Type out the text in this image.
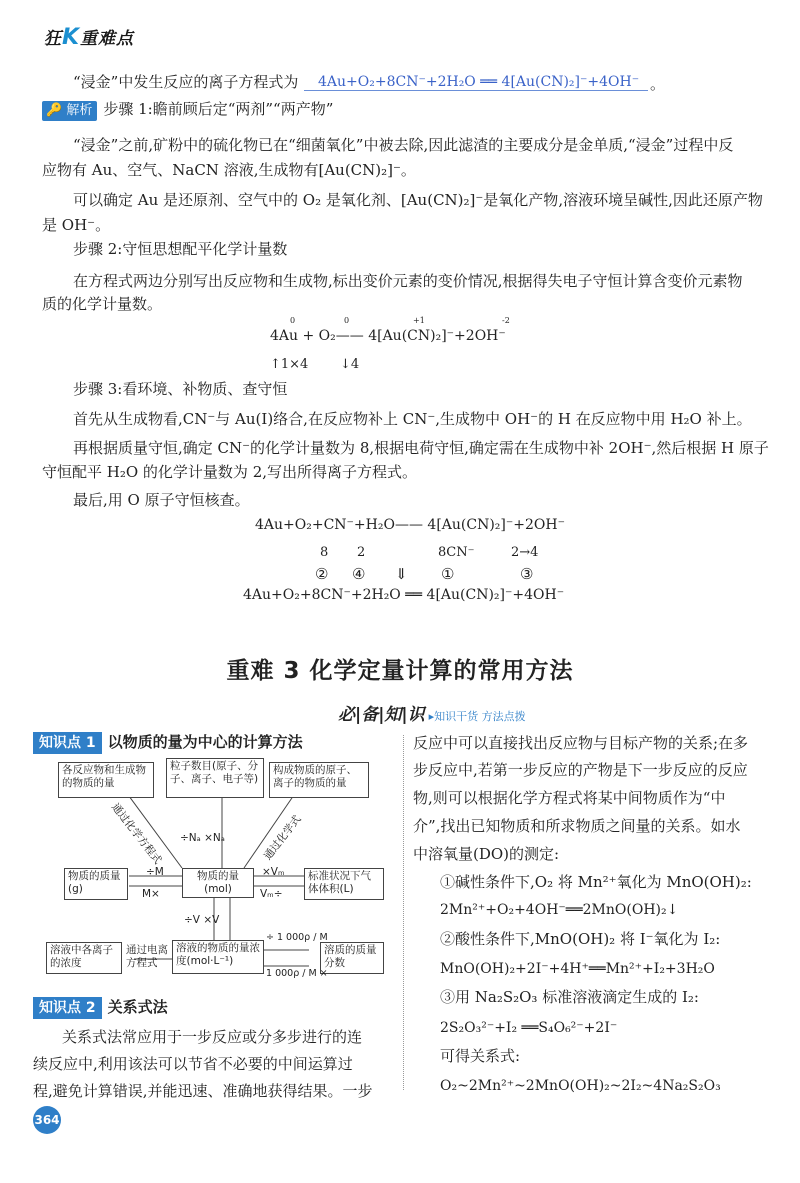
狂K重难点
“浸金”中发生反应的离子方程式为 4Au+O₂+8CN⁻+2H₂O ══ 4[Au(CN)₂]⁻+4OH⁻ 。
🔑 解析 步骤 1:瞻前顾后定“两剂”“两产物”
“浸金”之前,矿粉中的硫化物已在“细菌氧化”中被去除,因此滤渣的主要成分是金单质,“浸金”过程中反
应物有 Au、空气、NaCN 溶液,生成物有[Au(CN)₂]⁻。
可以确定 Au 是还原剂、空气中的 O₂ 是氧化剂、[Au(CN)₂]⁻是氧化产物,溶液环境呈碱性,因此还原产物
是 OH⁻。
步骤 2:守恒思想配平化学计量数
在方程式两边分别写出反应物和生成物,标出变价元素的变价情况,根据得失电子守恒计算含变价元素物
质的化学计量数。
0	0	+1	-2
4Au + O₂—— 4[Au(CN)₂]⁻+2OH⁻
↑1×4 ↓4
步骤 3:看环境、补物质、查守恒
首先从生成物看,CN⁻与 Au(Ⅰ)络合,在反应物补上 CN⁻,生成物中 OH⁻的 H 在反应物中用 H₂O 补上。
再根据质量守恒,确定 CN⁻的化学计量数为 8,根据电荷守恒,确定需在生成物中补 2OH⁻,然后根据 H 原子
守恒配平 H₂O 的化学计量数为 2,写出所得离子方程式。
最后,用 O 原子守恒核查。
4Au+O₂+CN⁻+H₂O—— 4[Au(CN)₂]⁻+2OH⁻
8 2	8CN⁻	2→4
② ④ ⇓ ①	③
4Au+O₂+8CN⁻+2H₂O ══ 4[Au(CN)₂]⁻+4OH⁻
重难 3 化学定量计算的常用方法
必|备|知|识 ▸知识干货 方法点拨
知识点 1 以物质的量为中心的计算方法
各反应物和生成物的物质的量
粒子数目(原子、分子、离子、电子等)
构成物质的原子、离子的物质的量
物质的质量(g)
物质的量(mol)
标准状况下气体体积(L)
溶液中各离子的浓度
溶液的物质的量浓度(mol·L⁻¹)
溶质的质量分数
通过化学方程式	通过化学式
÷Nₐ ×Nₐ
÷M
M×
×Vₘ
Vₘ÷
÷V ×V
通过电离方程式
÷ 1 000ρ / M
1 000ρ / M ×
知识点 2 关系式法
关系式法常应用于一步反应或分多步进行的连
续反应中,利用该法可以节省不必要的中间运算过
程,避免计算错误,并能迅速、准确地获得结果。一步
反应中可以直接找出反应物与目标产物的关系;在多
步反应中,若第一步反应的产物是下一步反应的反应
物,则可以根据化学方程式将某中间物质作为“中
介”,找出已知物质和所求物质之间量的关系。如水
中溶氧量(DO)的测定:
①碱性条件下,O₂ 将 Mn²⁺氧化为 MnO(OH)₂:
2Mn²⁺+O₂+4OH⁻══2MnO(OH)₂↓
②酸性条件下,MnO(OH)₂ 将 I⁻氧化为 I₂:
MnO(OH)₂+2I⁻+4H⁺══Mn²⁺+I₂+3H₂O
③用 Na₂S₂O₃ 标准溶液滴定生成的 I₂:
2S₂O₃²⁻+I₂ ══S₄O₆²⁻+2I⁻
可得关系式:
O₂~2Mn²⁺~2MnO(OH)₂~2I₂~4Na₂S₂O₃
364
